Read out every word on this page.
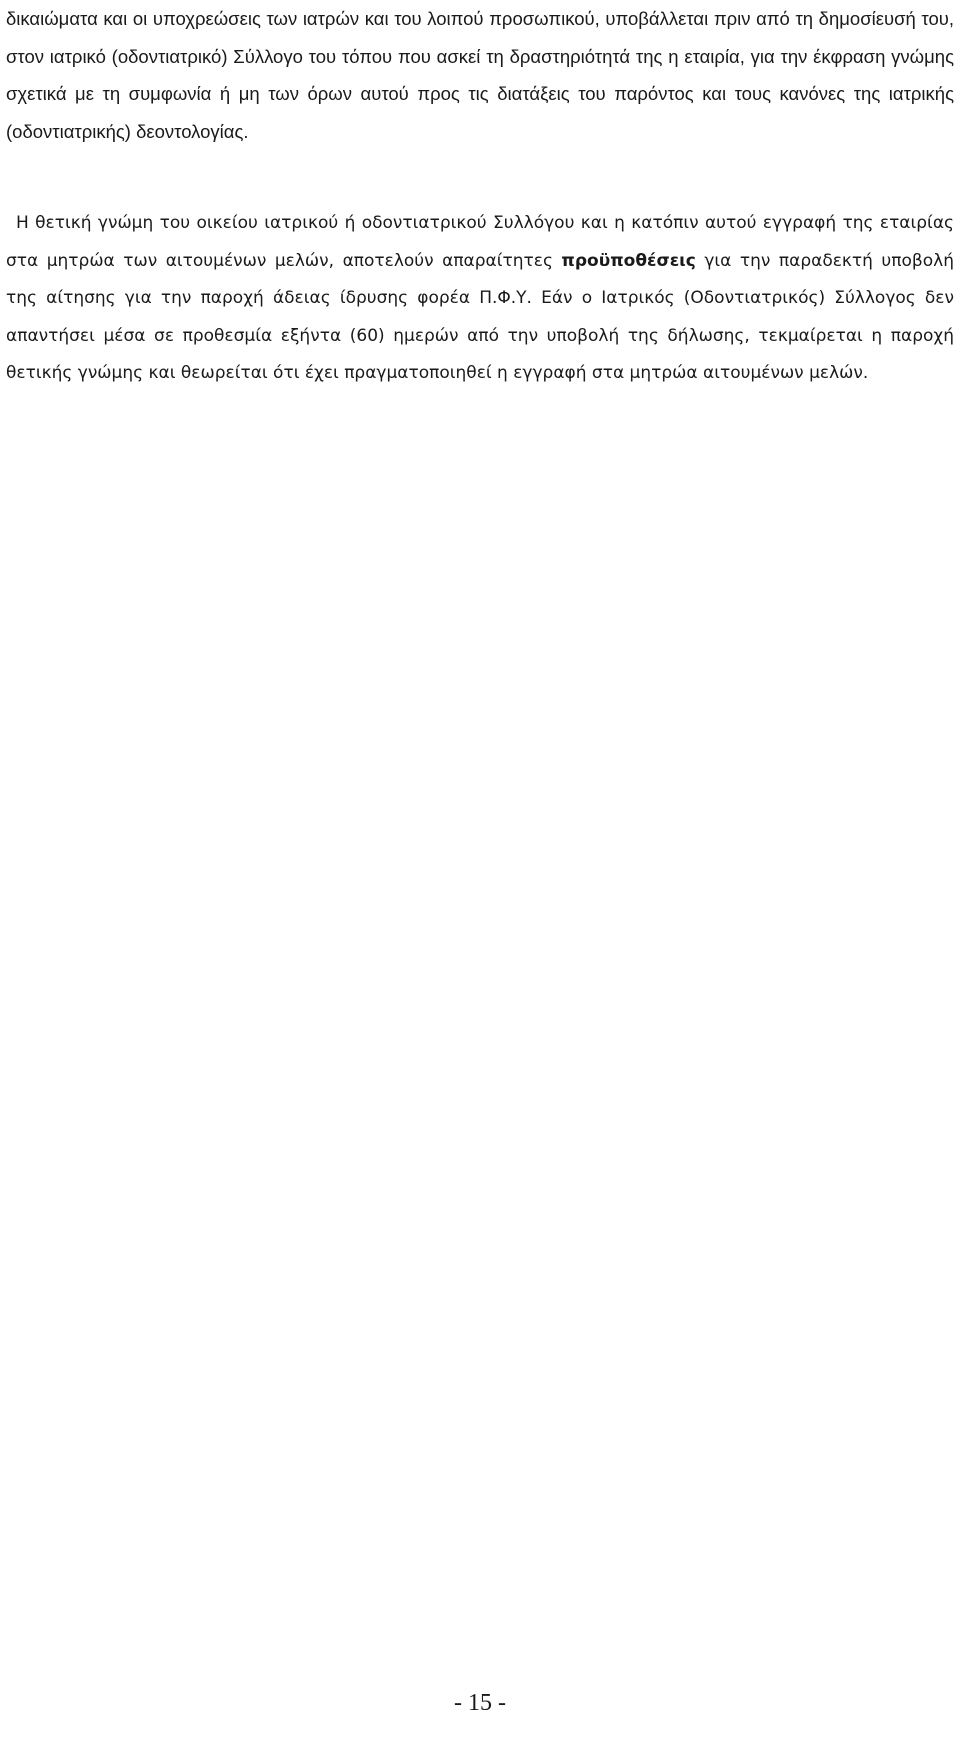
δικαιώματα και οι υποχρεώσεις των ιατρών και του λοιπού προσωπικού, υποβάλλεται πριν από τη δημοσίευσή του, στον ιατρικό (οδοντιατρικό) Σύλλογο του τόπου που ασκεί τη δραστηριότητά της η εταιρία, για την έκφραση γνώμης σχετικά με τη συμφωνία ή μη των όρων αυτού προς τις διατάξεις του παρόντος και τους κανόνες της ιατρικής (οδοντιατρικής) δεοντολογίας.

Η θετική γνώμη του οικείου ιατρικού ή οδοντιατρικού Συλλόγου και η κατόπιν αυτού εγγραφή της εταιρίας στα μητρώα των αιτουμένων μελών, αποτελούν απαραίτητες προϋποθέσεις για την παραδεκτή υποβολή της αίτησης για την παροχή άδειας ίδρυσης φορέα Π.Φ.Υ. Εάν ο Ιατρικός (Οδοντιατρικός) Σύλλογος δεν απαντήσει μέσα σε προθεσμία εξήντα (60) ημερών από την υποβολή της δήλωσης, τεκμαίρεται η παροχή θετικής γνώμης και θεωρείται ότι έχει πραγματοποιηθεί η εγγραφή στα μητρώα αιτουμένων μελών.

- 15 -
